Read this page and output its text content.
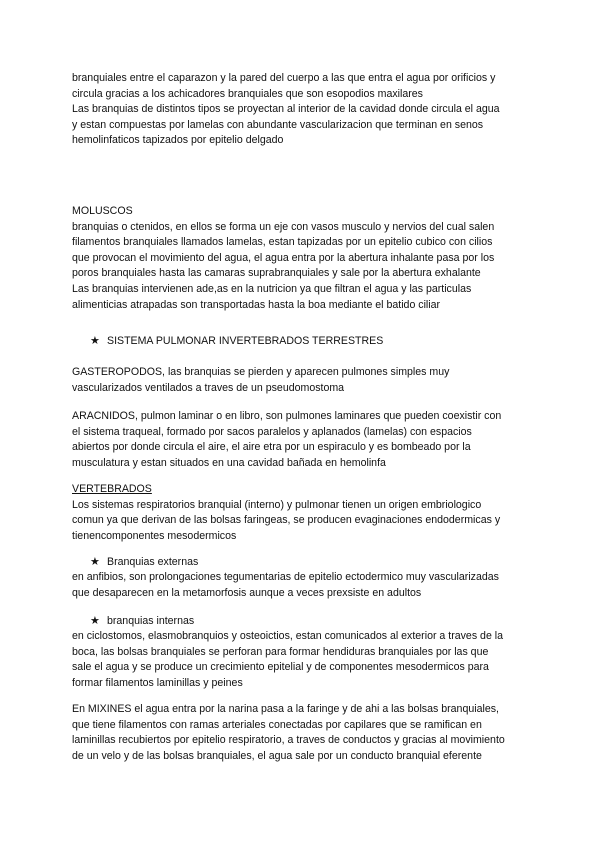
branquiales entre el caparazon y la pared del cuerpo a las que entra el agua por orificios y
circula gracias a los achicadores branquiales que son esopodios maxilares
Las branquias de distintos tipos se proyectan al interior de la cavidad donde circula el agua
y estan compuestas por lamelas con abundante vascularizacion que terminan en senos
hemolinfaticos tapizados por epitelio delgado
MOLUSCOS
branquias o ctenidos, en ellos se forma un eje con vasos musculo y nervios del cual salen
filamentos branquiales llamados lamelas, estan tapizadas por un epitelio cubico con cilios
que provocan el movimiento del agua, el agua entra por la abertura inhalante pasa por los
poros branquiales hasta las camaras suprabranquiales y sale por la abertura exhalante
Las branquias intervienen ade,as en la nutricion ya que filtran el agua y las particulas
alimenticias atrapadas son transportadas hasta la boa mediante el batido ciliar
★ SISTEMA PULMONAR INVERTEBRADOS TERRESTRES
GASTEROPODOS, las branquias se pierden y aparecen pulmones simples muy
vascularizados ventilados a traves de un pseudomostoma
ARACNIDOS, pulmon laminar o en libro, son pulmones laminares que pueden coexistir con
el sistema traqueal, formado por sacos paralelos y aplanados (lamelas) con espacios
abiertos por donde circula el aire, el aire etra por un espiraculo y es bombeado por la
musculatura y estan situados en una cavidad bañada en hemolinfa
VERTEBRADOS
Los sistemas respiratorios branquial (interno) y pulmonar tienen un origen embriologico
comun ya que derivan de las bolsas faringeas, se producen evaginaciones endodermicas y
tienencomponentes mesodermicos
★ Branquias externas
en anfibios, son prolongaciones tegumentarias de epitelio ectodermico muy vascularizadas
que desaparecen en la metamorfosis aunque a veces prexsiste en adultos
★ branquias internas
en ciclostomos, elasmobranquios y osteoictios, estan comunicados al exterior a traves de la
boca, las bolsas branquiales se perforan para formar hendiduras branquiales por las que
sale el agua y se produce un crecimiento epitelial y de componentes mesodermicos para
formar filamentos laminillas y peines
En MIXINES el agua entra por la narina pasa a la faringe y de ahi a las bolsas branquiales,
que tiene filamentos con ramas arteriales conectadas por capilares que se ramifican en
laminillas recubiertos por epitelio respiratorio, a traves de conductos y gracias al movimiento
de un velo y de las bolsas branquiales, el agua sale por un conducto branquial eferente
